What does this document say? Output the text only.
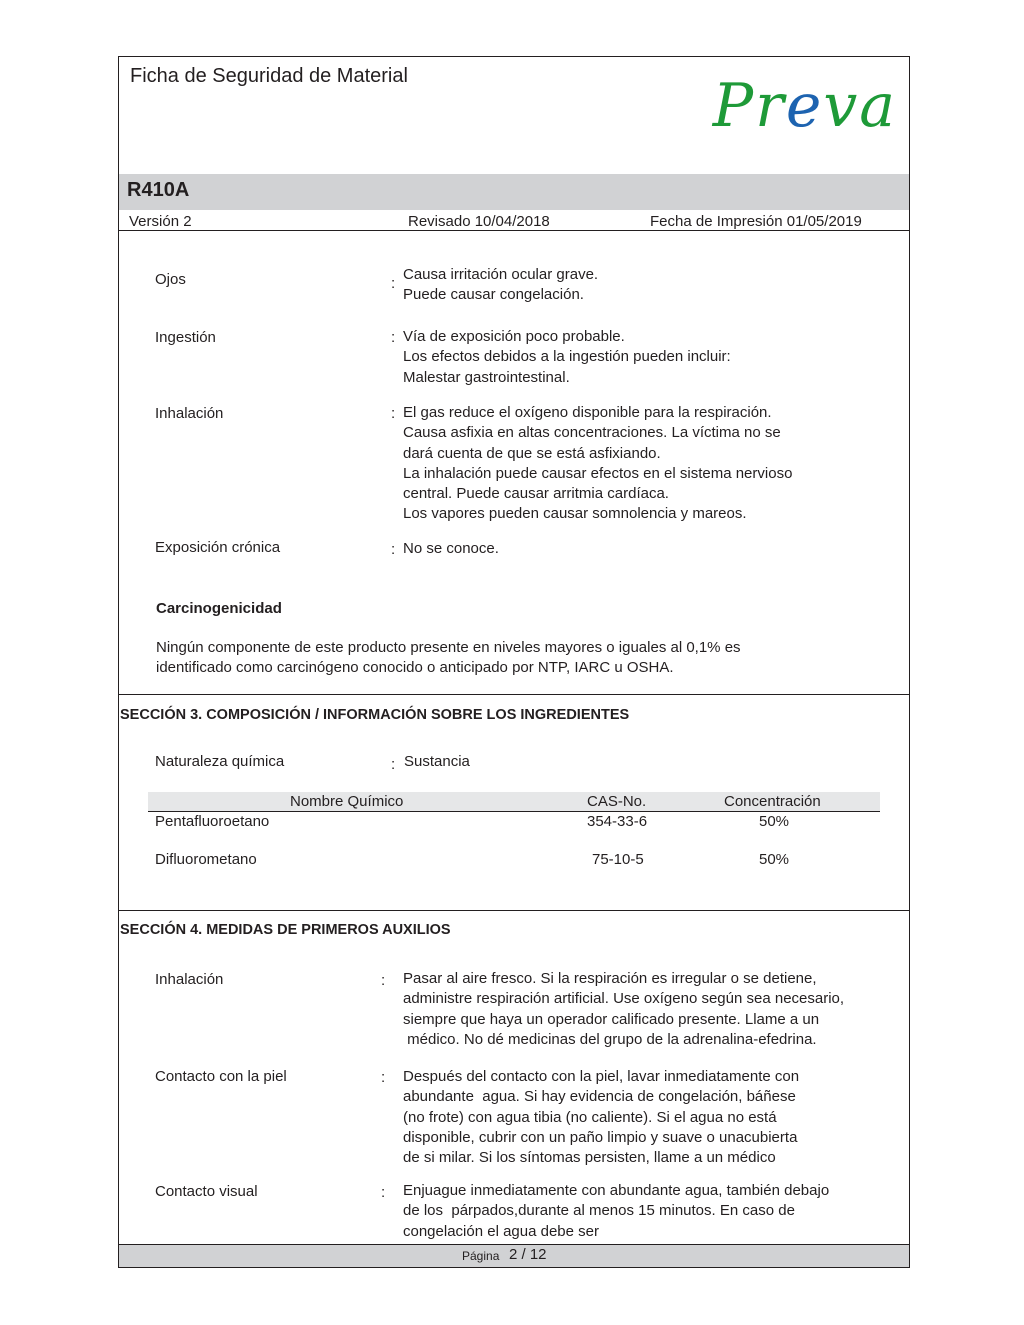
Ficha de Seguridad de Material	Preva
R410A
Versión 2	Revisado 10/04/2018	Fecha de Impresión 01/05/2019
Ojos	:
Causa irritación ocular grave.
Puede causar congelación.
Ingestión	: Vía de exposición poco probable.
Los efectos debidos a la ingestión pueden incluir:
Malestar gastrointestinal.
Inhalación	: El gas reduce el oxígeno disponible para la respiración.
Causa asfixia en altas concentraciones. La víctima no se
dará cuenta de que se está asfixiando.
La inhalación puede causar efectos en el sistema nervioso
central. Puede causar arritmia cardíaca.
Los vapores pueden causar somnolencia y mareos.
Exposición crónica	: No se conoce.
Carcinogenicidad
Ningún componente de este producto presente en niveles mayores o iguales al 0,1% es
identificado como carcinógeno conocido o anticipado por NTP, IARC u OSHA.
SECCIÓN 3. COMPOSICIÓN / INFORMACIÓN SOBRE LOS INGREDIENTES
Naturaleza química	: Sustancia
Nombre Químico	CAS-No.	Concentración
Pentafluoroetano	354-33-6	50%
Difluorometano	75-10-5	50%
SECCIÓN 4. MEDIDAS DE PRIMEROS AUXILIOS
Inhalación	: Pasar al aire fresco. Si la respiración es irregular o se detiene,
administre respiración artificial. Use oxígeno según sea necesario,
siempre que haya un operador calificado presente. Llame a un
médico. No dé medicinas del grupo de la adrenalina-efedrina.
Contacto con la piel	: Después del contacto con la piel, lavar inmediatamente con
abundante  agua. Si hay evidencia de congelación, báñese
(no frote) con agua tibia (no caliente). Si el agua no está
disponible, cubrir con un paño limpio y suave o unacubierta
de si milar. Si los síntomas persisten, llame a un médico
Contacto visual	: Enjuague inmediatamente con abundante agua, también debajo
de los  párpados,durante al menos 15 minutos. En caso de
congelación el agua debe ser
Página 2 / 12
